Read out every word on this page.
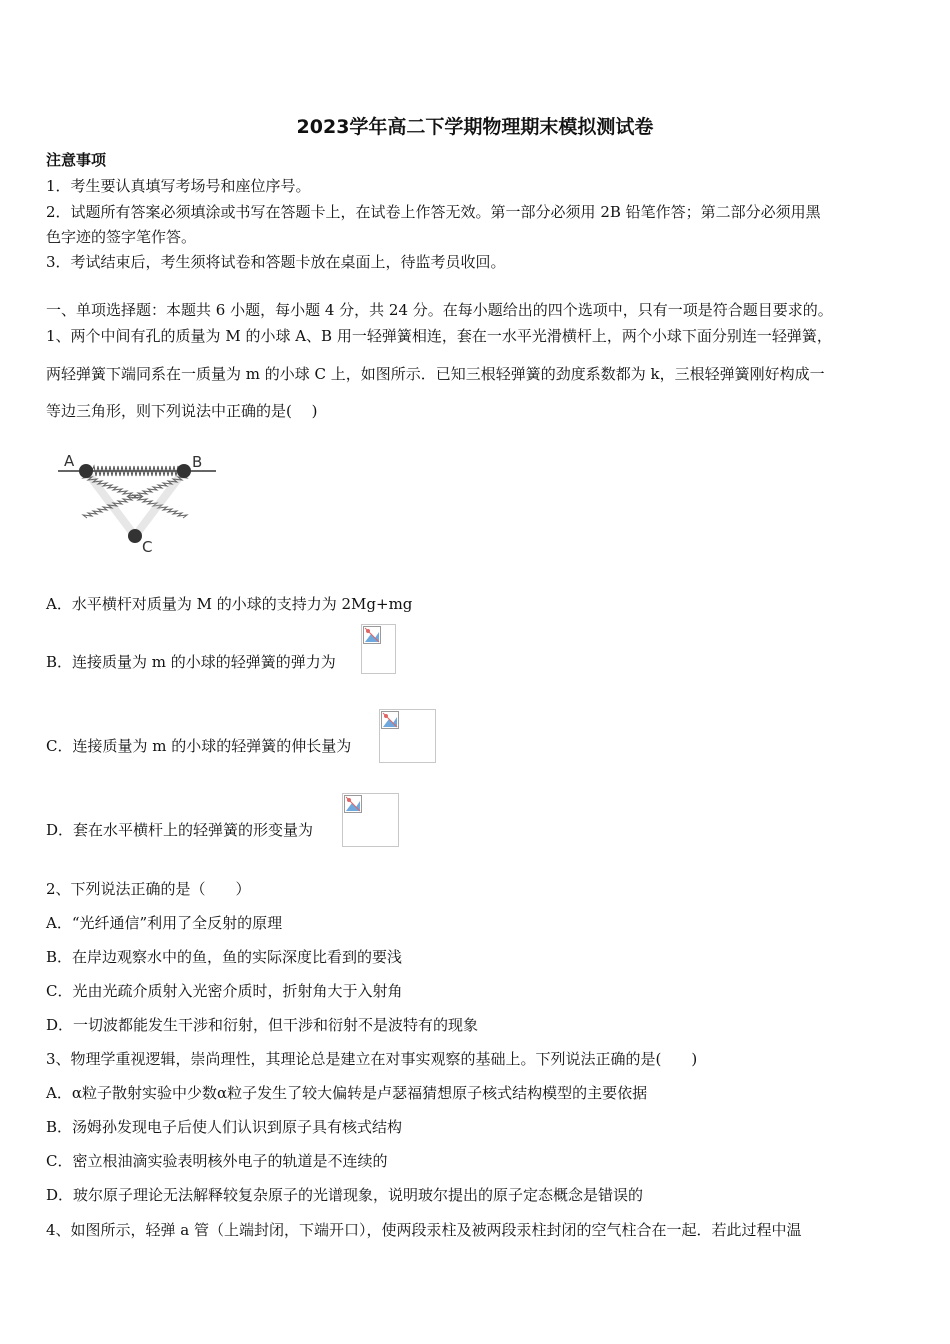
2023学年高二下学期物理期末模拟测试卷
注意事项
1．考生要认真填写考场号和座位序号。
2．试题所有答案必须填涂或书写在答题卡上，在试卷上作答无效。第一部分必须用 2B 铅笔作答；第二部分必须用黑
色字迹的签字笔作答。
3．考试结束后，考生须将试卷和答题卡放在桌面上，待监考员收回。
一、单项选择题：本题共 6 小题，每小题 4 分，共 24 分。在每小题给出的四个选项中，只有一项是符合题目要求的。
1、两个中间有孔的质量为 M 的小球 A、B 用一轻弹簧相连，套在一水平光滑横杆上，两个小球下面分别连一轻弹簧，
两轻弹簧下端同系在一质量为 m 的小球 C 上，如图所示．已知三根轻弹簧的劲度系数都为 k，三根轻弹簧刚好构成一
等边三角形，则下列说法中正确的是(　 )
A	B
C
A．水平横杆对质量为 M 的小球的支持力为 2Mg+mg
B．连接质量为 m 的小球的轻弹簧的弹力为
C．连接质量为 m 的小球的轻弹簧的伸长量为
D．套在水平横杆上的轻弹簧的形变量为
2、下列说法正确的是（　　）
A．“光纤通信”利用了全反射的原理
B．在岸边观察水中的鱼，鱼的实际深度比看到的要浅
C．光由光疏介质射入光密介质时，折射角大于入射角
D．一切波都能发生干涉和衍射，但干涉和衍射不是波特有的现象
3、物理学重视逻辑，崇尚理性，其理论总是建立在对事实观察的基础上。下列说法正确的是(　　)
A．α粒子散射实验中少数α粒子发生了较大偏转是卢瑟福猜想原子核式结构模型的主要依据
B．汤姆孙发现电子后使人们认识到原子具有核式结构
C．密立根油滴实验表明核外电子的轨道是不连续的
D．玻尔原子理论无法解释较复杂原子的光谱现象，说明玻尔提出的原子定态概念是错误的
4、如图所示，轻弹 a 管（上端封闭，下端开口），使两段汞柱及被两段汞柱封闭的空气柱合在一起．若此过程中温
